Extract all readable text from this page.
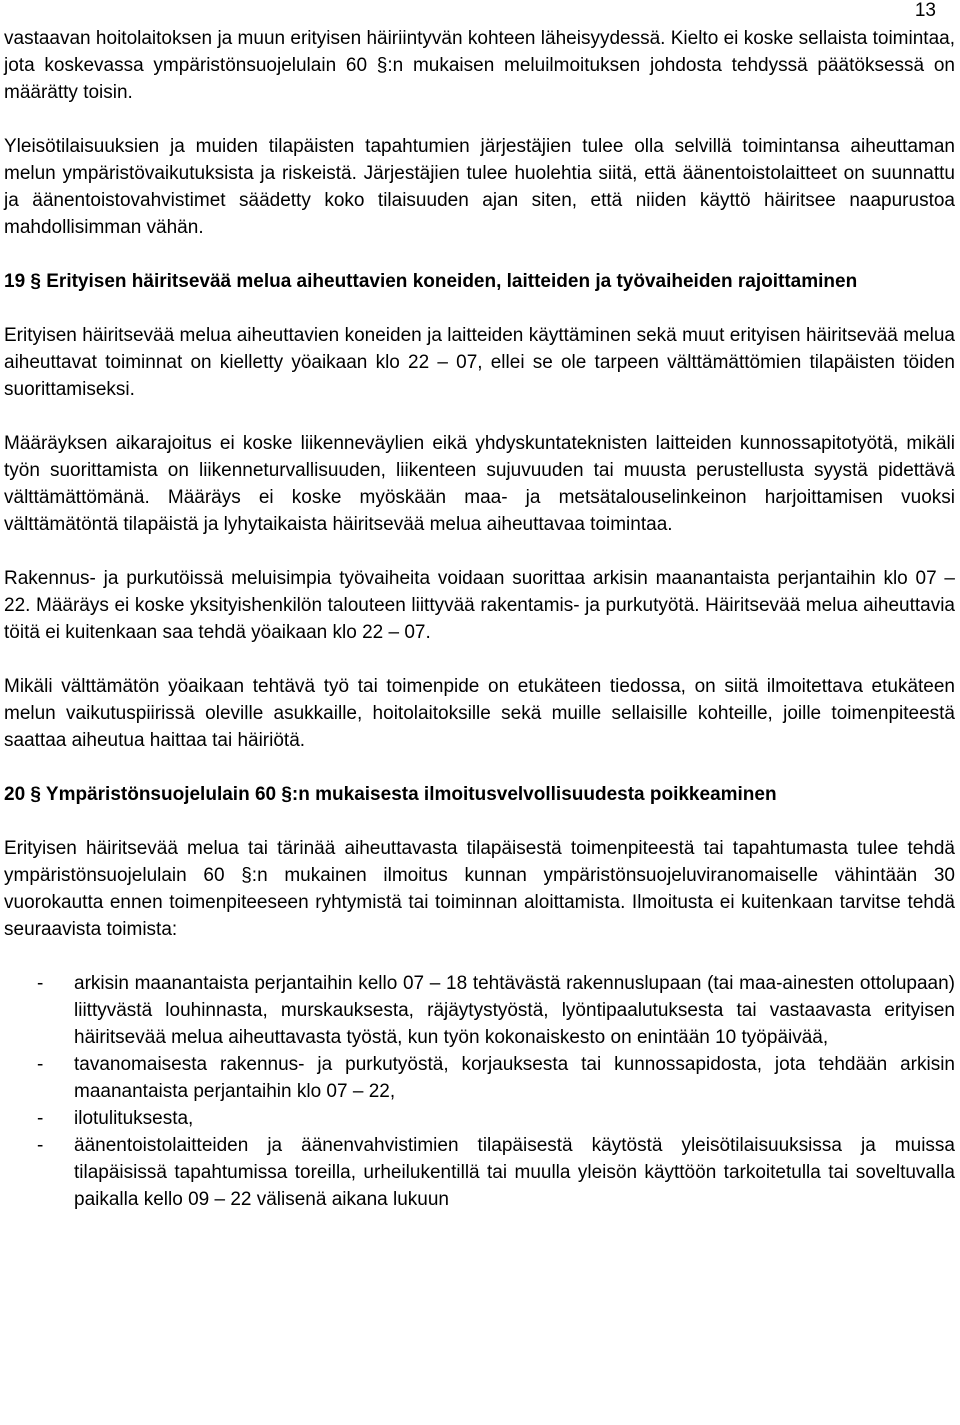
13

vastaavan hoitolaitoksen ja muun erityisen häiriintyvän kohteen läheisyydessä. Kielto ei koske sellaista toimintaa, jota koskevassa ympäristönsuojelulain 60 §:n mukaisen meluilmoituksen johdosta tehdyssä päätöksessä on määrätty toisin.

Yleisötilaisuuksien ja muiden tilapäisten tapahtumien järjestäjien tulee olla selvillä toimintansa aiheuttaman melun ympäristövaikutuksista ja riskeistä. Järjestäjien tulee huolehtia siitä, että äänentoistolaitteet on suunnattu ja äänentoistovahvistimet säädetty koko tilaisuuden ajan siten, että niiden käyttö häiritsee naapurustoa mahdollisimman vähän.

19 § Erityisen häiritsevää melua aiheuttavien koneiden, laitteiden ja työvaiheiden rajoittaminen

Erityisen häiritsevää melua aiheuttavien koneiden ja laitteiden käyttäminen sekä muut erityisen häiritsevää melua aiheuttavat toiminnat on kielletty yöaikaan klo 22 – 07, ellei se ole tarpeen välttämättömien tilapäisten töiden suorittamiseksi.

Määräyksen aikarajoitus ei koske liikenneväylien eikä yhdyskuntateknisten laitteiden kunnossapitotyötä, mikäli työn suorittamista on liikenneturvallisuuden, liikenteen sujuvuuden tai muusta perustellusta syystä pidettävä välttämättömänä. Määräys ei koske myöskään maa- ja metsätalouselinkeinon harjoittamisen vuoksi välttämätöntä tilapäistä ja lyhytaikaista häiritsevää melua aiheuttavaa toimintaa.

Rakennus- ja purkutöissä meluisimpia työvaiheita voidaan suorittaa arkisin maanantaista perjantaihin klo 07 – 22. Määräys ei koske yksityishenkilön talouteen liittyvää rakentamis- ja purkutyötä. Häiritsevää melua aiheuttavia töitä ei kuitenkaan saa tehdä yöaikaan klo 22 – 07.

Mikäli välttämätön yöaikaan tehtävä työ tai toimenpide on etukäteen tiedossa, on siitä ilmoitettava etukäteen melun vaikutuspiirissä oleville asukkaille, hoitolaitoksille sekä muille sellaisille kohteille, joille toimenpiteestä saattaa aiheutua haittaa tai häiriötä.

20 § Ympäristönsuojelulain 60 §:n mukaisesta ilmoitusvelvollisuudesta poikkeaminen

Erityisen häiritsevää melua tai tärinää aiheuttavasta tilapäisestä toimenpiteestä tai tapahtumasta tulee tehdä ympäristönsuojelulain 60 §:n mukainen ilmoitus kunnan ympäristönsuojeluviranomaiselle vähintään 30 vuorokautta ennen toimenpiteeseen ryhtymistä tai toiminnan aloittamista. Ilmoitusta ei kuitenkaan tarvitse tehdä seuraavista toimista:

- arkisin maanantaista perjantaihin kello 07 – 18 tehtävästä rakennuslupaan (tai maa-ainesten ottolupaan) liittyvästä louhinnasta, murskauksesta, räjäytystyöstä, lyöntipaalutuksesta tai vastaavasta erityisen häiritsevää melua aiheuttavasta työstä, kun työn kokonaiskesto on enintään 10 työpäivää,
- tavanomaisesta rakennus- ja purkutyöstä, korjauksesta tai kunnossapidosta, jota tehdään arkisin maanantaista perjantaihin klo 07 – 22,
- ilotulituksesta,
- äänentoistolaitteiden ja äänenvahvistimien tilapäisestä käytöstä yleisötilaisuuksissa ja muissa tilapäisissä tapahtumissa toreilla, urheilukentillä tai muulla yleisön käyttöön tarkoitetulla tai soveltuvalla paikalla kello 09 – 22 välisenä aikana lukuun
